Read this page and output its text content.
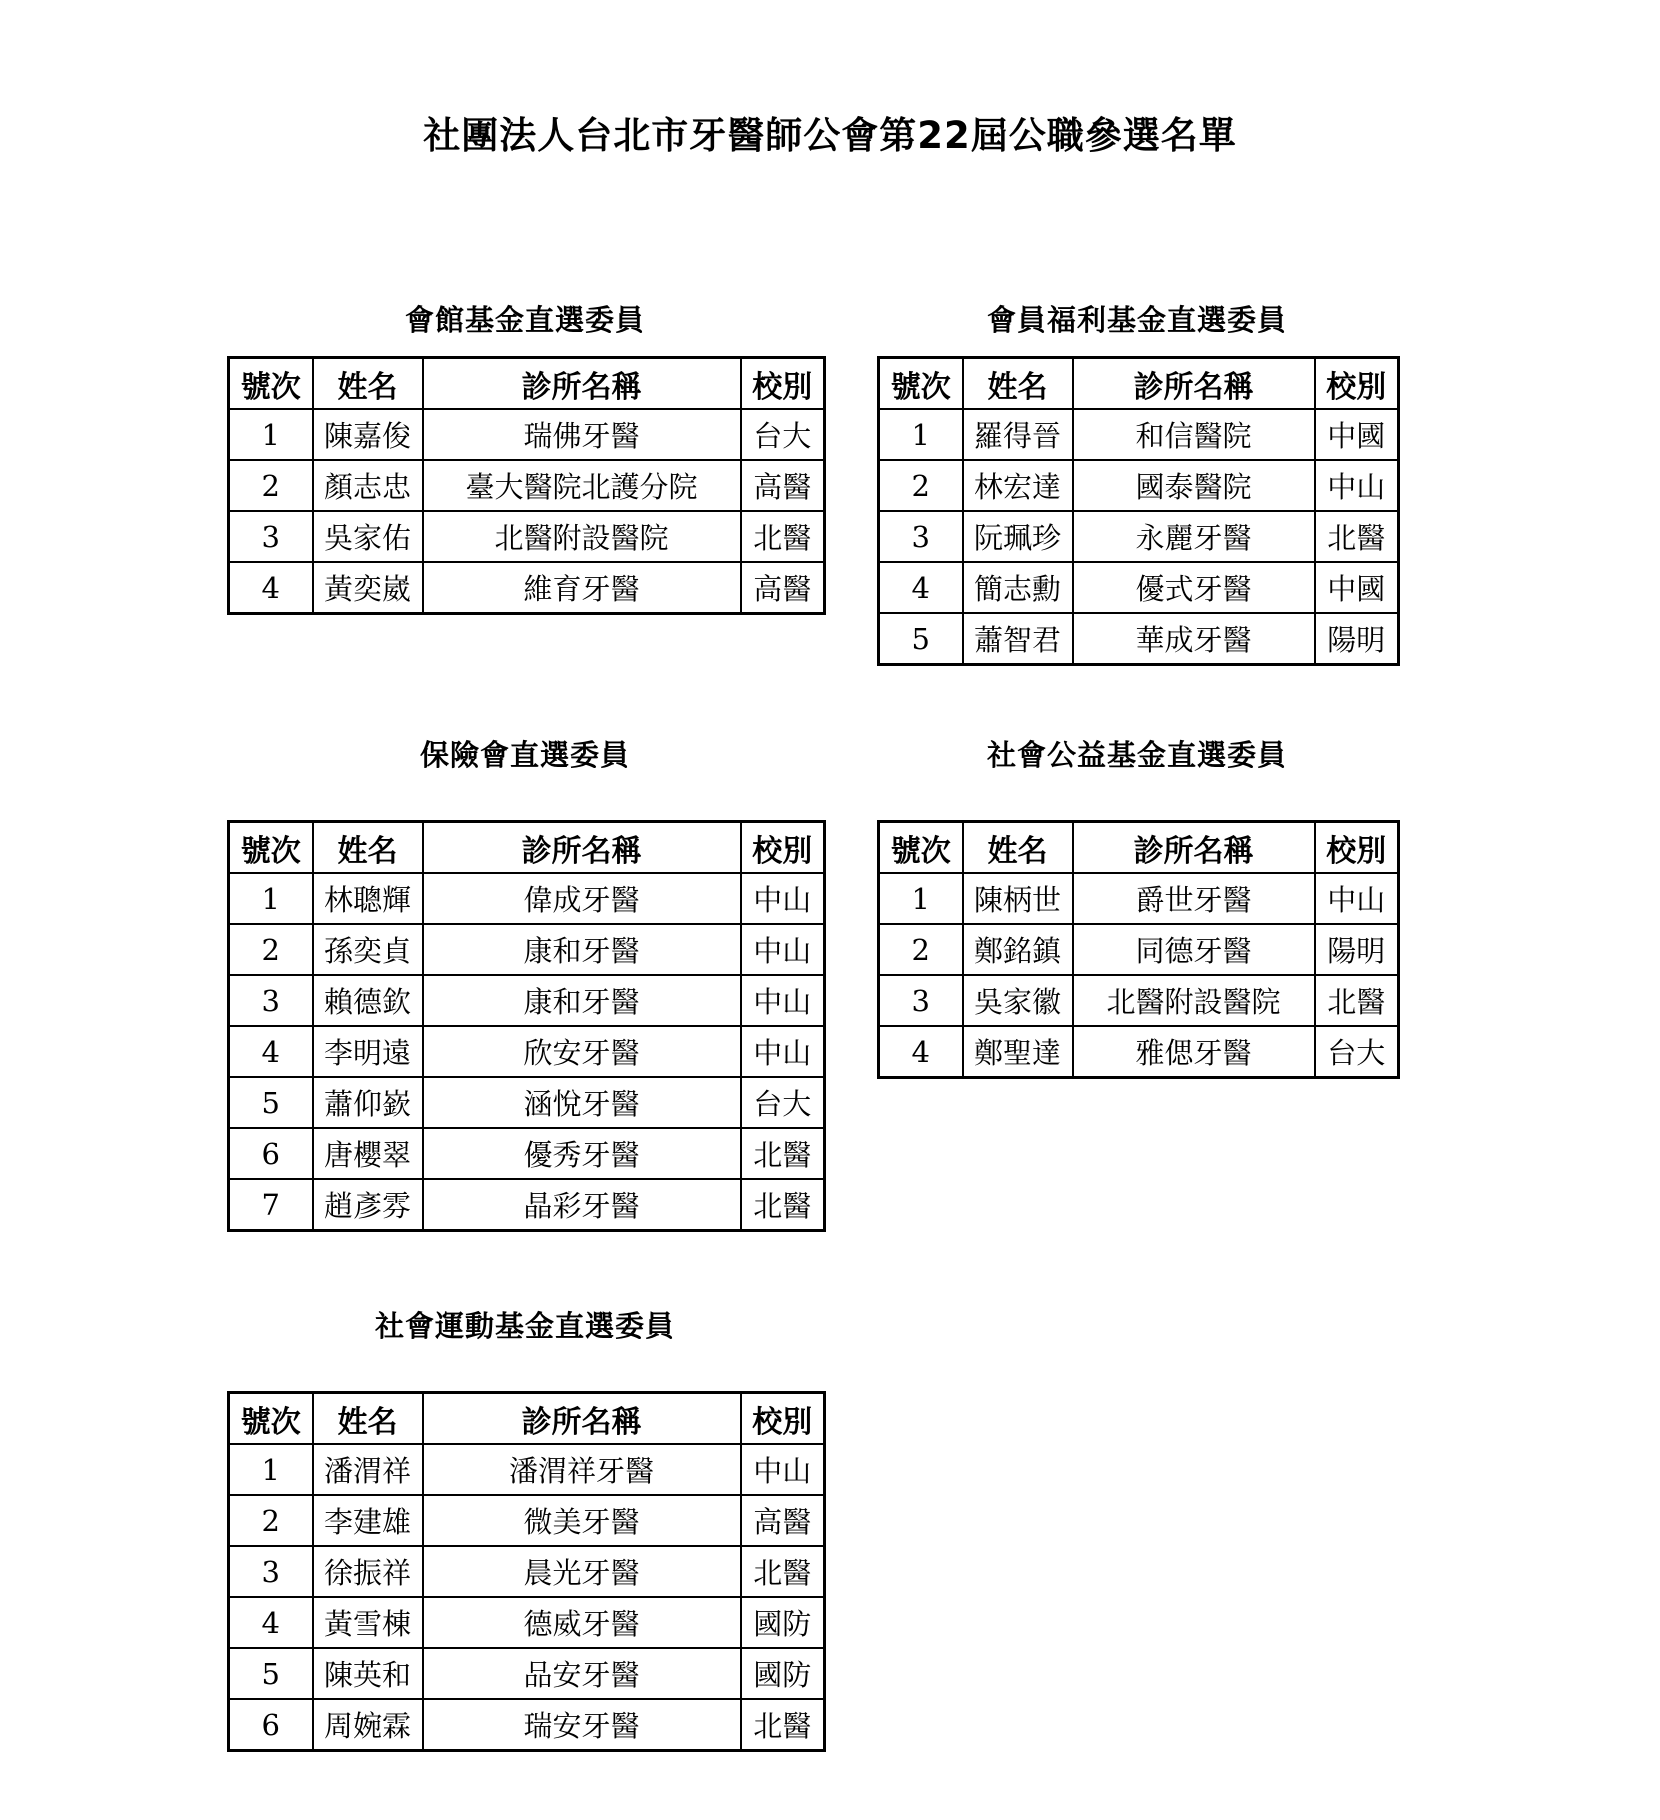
社團法人台北市牙醫師公會第22屆公職參選名單
會館基金直選委員
號次	姓名	診所名稱	校別
1	陳嘉俊	瑞佛牙醫	台大
2	顏志忠	臺大醫院北護分院	高醫
3	吳家佑	北醫附設醫院	北醫
4	黃奕崴	維育牙醫	高醫
會員福利基金直選委員
號次	姓名	診所名稱	校別
1	羅得晉	和信醫院	中國
2	林宏達	國泰醫院	中山
3	阮珮珍	永麗牙醫	北醫
4	簡志勳	優式牙醫	中國
5	蕭智君	華成牙醫	陽明
保險會直選委員
號次	姓名	診所名稱	校別
1	林聰輝	偉成牙醫	中山
2	孫奕貞	康和牙醫	中山
3	賴德欽	康和牙醫	中山
4	李明遠	欣安牙醫	中山
5	蕭仰嶔	涵悅牙醫	台大
6	唐櫻翠	優秀牙醫	北醫
7	趙彥雰	晶彩牙醫	北醫
社會公益基金直選委員
號次	姓名	診所名稱	校別
1	陳柄世	爵世牙醫	中山
2	鄭銘鎮	同德牙醫	陽明
3	吳家徽	北醫附設醫院	北醫
4	鄭聖達	雅偲牙醫	台大
社會運動基金直選委員
號次	姓名	診所名稱	校別
1	潘渭祥	潘渭祥牙醫	中山
2	李建雄	微美牙醫	高醫
3	徐振祥	晨光牙醫	北醫
4	黃雪棟	德威牙醫	國防
5	陳英和	品安牙醫	國防
6	周婉霖	瑞安牙醫	北醫
